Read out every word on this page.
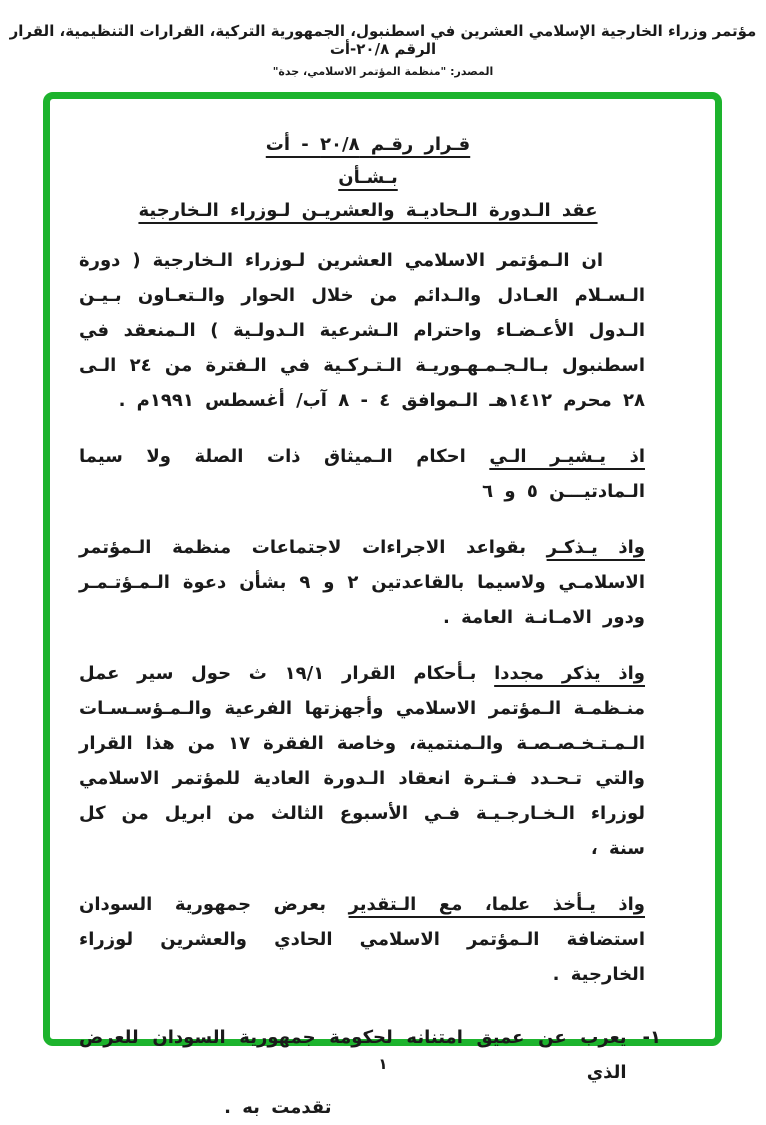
مؤتمر وزراء الخارجية الإسلامي العشرين في اسطنبول، الجمهورية التركية، القرارات التنظيمية، القرار الرقم ٢٠/٨-أت
المصدر: "منظمة المؤتمر الاسلامي، جدة"
قـرار رقـم ٢٠/٨ - أت
بـشـأن
عقد الـدورة الـحاديـة والعشريـن لـوزراء الـخارجية

ان الـمؤتمر الاسلامي العشرين لـوزراء الـخارجية ( دورة الـسـلام العـادل والـدائم من خلال الحوار والـتعـاون بـيـن الـدول الأعـضـاء واحترام الـشرعية الـدولـية ) الـمنعقد في اسطنبول بـالـجـمـهـوريـة الـتـركـية في الـفترة من ٢٤ الـى ٢٨ محرم ١٤١٢هـ الـموافق ٤ - ٨ آب/ أغسطس ١٩٩١م .

اذ يـشيـر الـي احكام الـميثاق ذات الصلة ولا سيما الـمادتيـــن ٥ و ٦

واذ يـذكـر بقواعد الاجراءات لاجتماعات منظمة الـمؤتمر الاسلامـي ولاسيما بالقاعدتين ٢ و ٩ بشأن دعوة الـمـؤتـمـر ودور الامـانـة العامة .

واذ يذكر مجددا بـأحكام القرار ١٩/١ ث حول سير عمل منـظمـة الـمؤتمر الاسلامي وأجهزتها الفرعية والـمـؤسـسـات الـمـتـخـصـصـة والـمنتمية، وخاصة الفقرة ١٧ من هذا القرار والتي تـحـدد فـتـرة انعقاد الـدورة العادية للمؤتمر الاسلامي لوزراء الـخـارجـيـة فـي الأسبوع الثالث من ابريل من كل سنة ،

واذ يـأخذ علما، مع الـتقدير بعرض جمهورية السودان استضافة الـمؤتمر الاسلامي الحادي والعشرين لوزراء الخارجية .

١-
يعرب عن عميق امتنانه لحكومة جمهورية السودان للعرض الذي
تقدمت به .
١
